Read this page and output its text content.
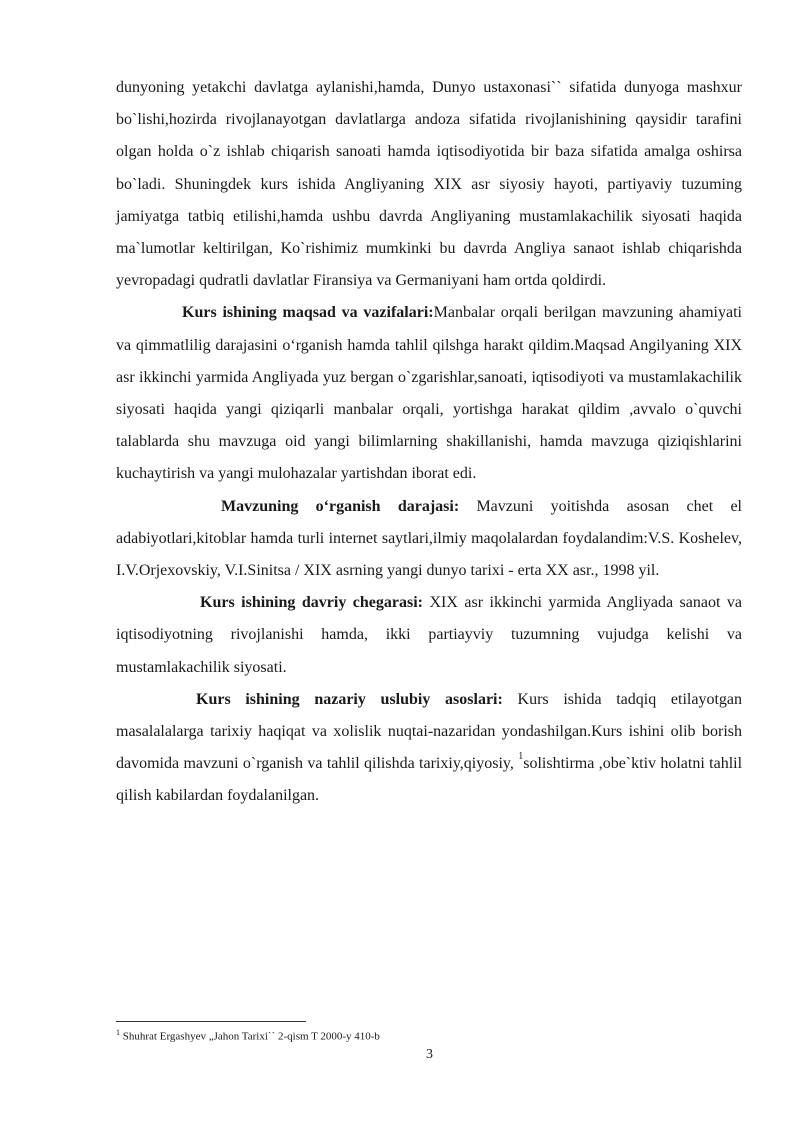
dunyoning yetakchi davlatga aylanishi,hamda, Dunyo ustaxonasi`` sifatida dunyoga mashxur bo`lishi,hozirda rivojlanayotgan davlatlarga andoza sifatida rivojlanishining qaysidir tarafini olgan holda o`z ishlab chiqarish sanoati hamda iqtisodiyotida bir baza sifatida amalga oshirsa bo`ladi. Shuningdek kurs ishida Angliyaning XIX asr siyosiy hayoti, partiyaviy tuzuming jamiyatga tatbiq etilishi,hamda ushbu davrda Angliyaning mustamlakachilik siyosati haqida ma`lumotlar keltirilgan, Ko`rishimiz mumkinki bu davrda Angliya sanaot ishlab chiqarishda yevropadagi qudratli davlatlar Firansiya va Germaniyani ham ortda qoldirdi.

Kurs ishining maqsad va vazifalari:Manbalar orqali berilgan mavzuning ahamiyati va qimmatlilig darajasini o‘rganish hamda tahlil qilshga harakt qildim.Maqsad Angilyaning XIX asr ikkinchi yarmida Angliyada yuz bergan o`zgarishlar,sanoati, iqtisodiyoti va mustamlakachilik siyosati haqida yangi qiziqarli manbalar orqali, yortishga harakat qildim ,avvalo o`quvchi talablarda shu mavzuga oid yangi bilimlarning shakillanishi, hamda mavzuga qiziqishlarini kuchaytirish va yangi mulohazalar yartishdan iborat edi.

Mavzuning o‘rganish darajasi: Mavzuni yoitishda asosan chet el adabiyotlari,kitoblar hamda turli internet saytlari,ilmiy maqolalardan foydalandim:V.S. Koshelev, I.V.Orjexovskiy, V.I.Sinitsa / XIX asrning yangi dunyo tarixi - erta XX asr., 1998 yil.

Kurs ishining davriy chegarasi: XIX asr ikkinchi yarmida Angliyada sanaot va iqtisodiyotning rivojlanishi hamda, ikki partiayviy tuzumning vujudga kelishi va mustamlakachilik siyosati.

Kurs ishining nazariy uslubiy asoslari: Kurs ishida tadqiq etilayotgan masalalalarga tarixiy haqiqat va xolislik nuqtai-nazaridan yondashilgan.Kurs ishini olib borish davomida mavzuni o`rganish va tahlil qilishda tarixiy,qiyosiy, $^1$solishtirma ,obe`ktiv holatni tahlil qilish kabilardan foydalanilgan.

$^1$ Shuhrat Ergashyev „Jahon Tarixi`` 2-qism T 2000-y 410-b
3
